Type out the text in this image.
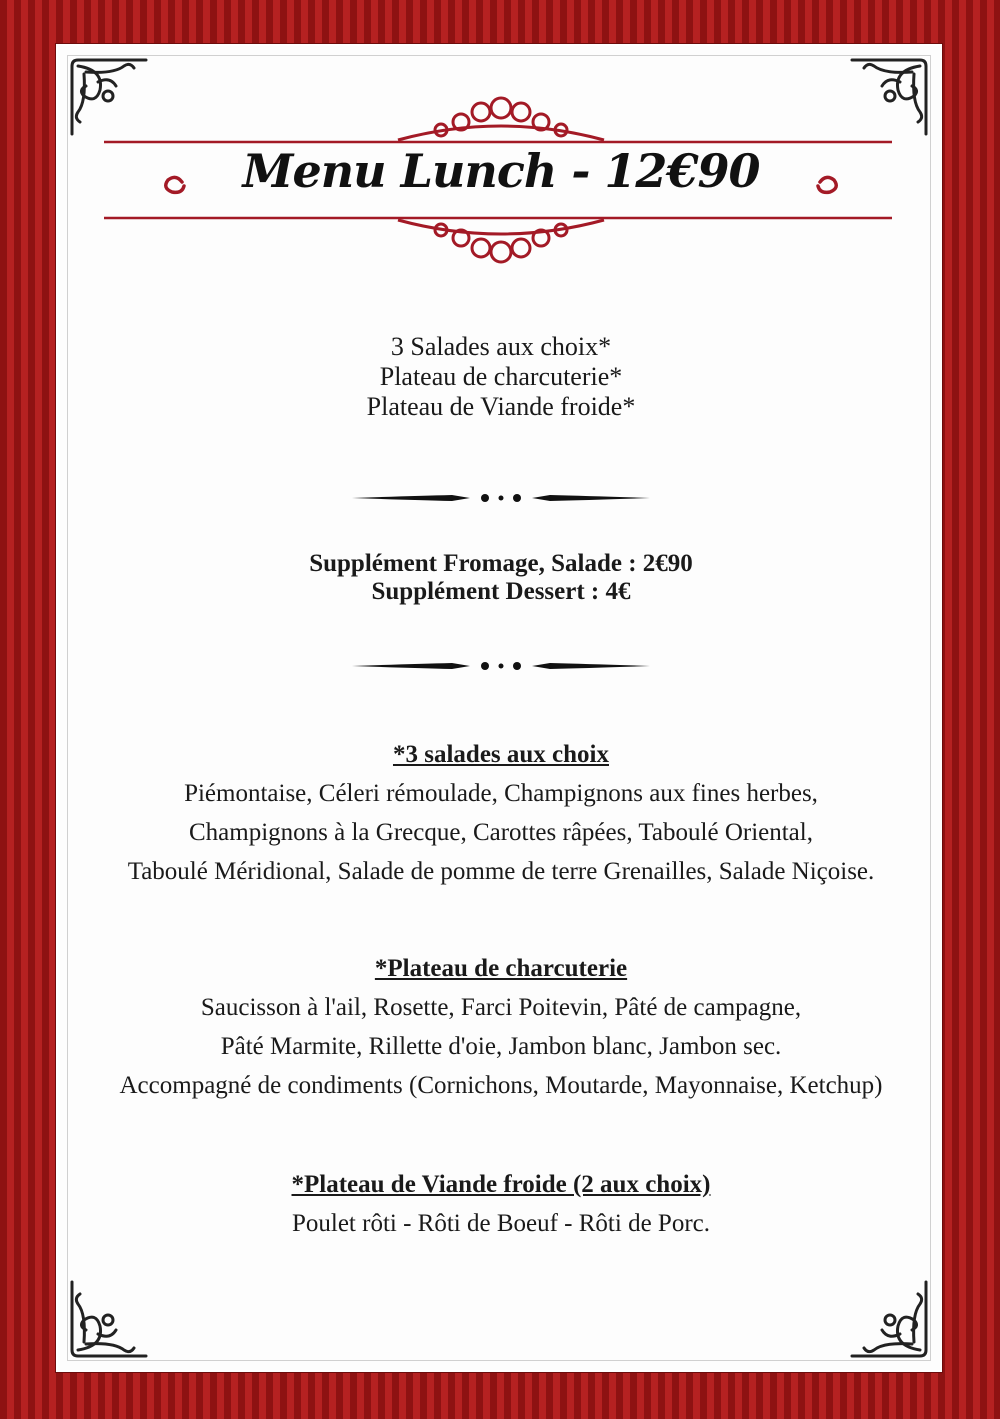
Menu Lunch - 12€90
3 Salades aux choix*
Plateau de charcuterie*
Plateau de Viande froide*
Supplément Fromage, Salade : 2€90
Supplément Dessert : 4€
*3 salades aux choix
Piémontaise, Céleri rémoulade, Champignons aux fines herbes,
Champignons à la Grecque, Carottes râpées, Taboulé Oriental,
Taboulé Méridional, Salade de pomme de terre Grenailles, Salade Niçoise.
*Plateau de charcuterie
Saucisson à l'ail, Rosette, Farci Poitevin, Pâté de campagne,
Pâté Marmite, Rillette d'oie, Jambon blanc, Jambon sec.
Accompagné de condiments (Cornichons, Moutarde, Mayonnaise, Ketchup)
*Plateau de Viande froide (2 aux choix)
Poulet rôti - Rôti de Boeuf - Rôti de Porc.
